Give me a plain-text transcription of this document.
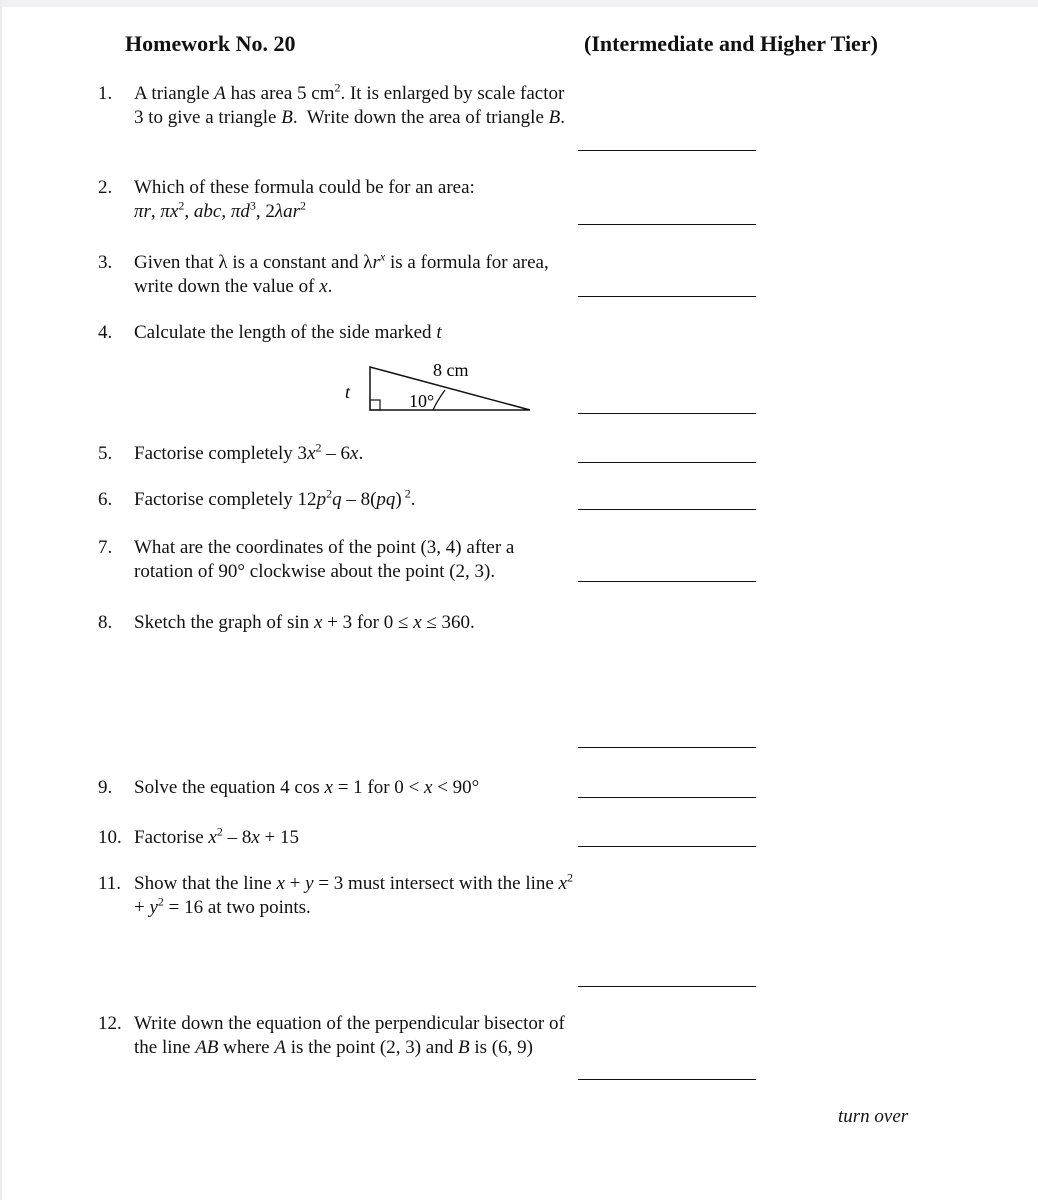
Homework No. 20	(Intermediate and Higher Tier)
1. A triangle A has area 5 $cm^2$. It is enlarged by scale factor 3 to give a triangle B.  Write down the area of triangle B.
2. Which of these formula could be for an area:
πr, $\pi x^2$, abc, $\pi d^3$, 2λar$^2$
3. Given that λ is a constant and $\lambda r^x$ is a formula for area, write down the value of x.
4. Calculate the length of the side marked t
8 cm
10°
t
5. Factorise completely $3x^2 - 6x$.
6. Factorise completely $12p^2q - 8(pq)$ $^2$.
7. What are the coordinates of the point (3, 4) after a rotation of 90° clockwise about the point (2, 3).
8. Sketch the graph of sin x + 3 for 0 ≤ x ≤ 360.
9. Solve the equation 4 cos x = 1 for 0 < x < 90°
10. Factorise $x^2 - 8x + 15$
11. Show that the line x + y = 3 must intersect with the line $x^2 + y^2 = 16$ at two points.
12. Write down the equation of the perpendicular bisector of the line AB where A is the point (2, 3) and B is (6, 9)
turn over
